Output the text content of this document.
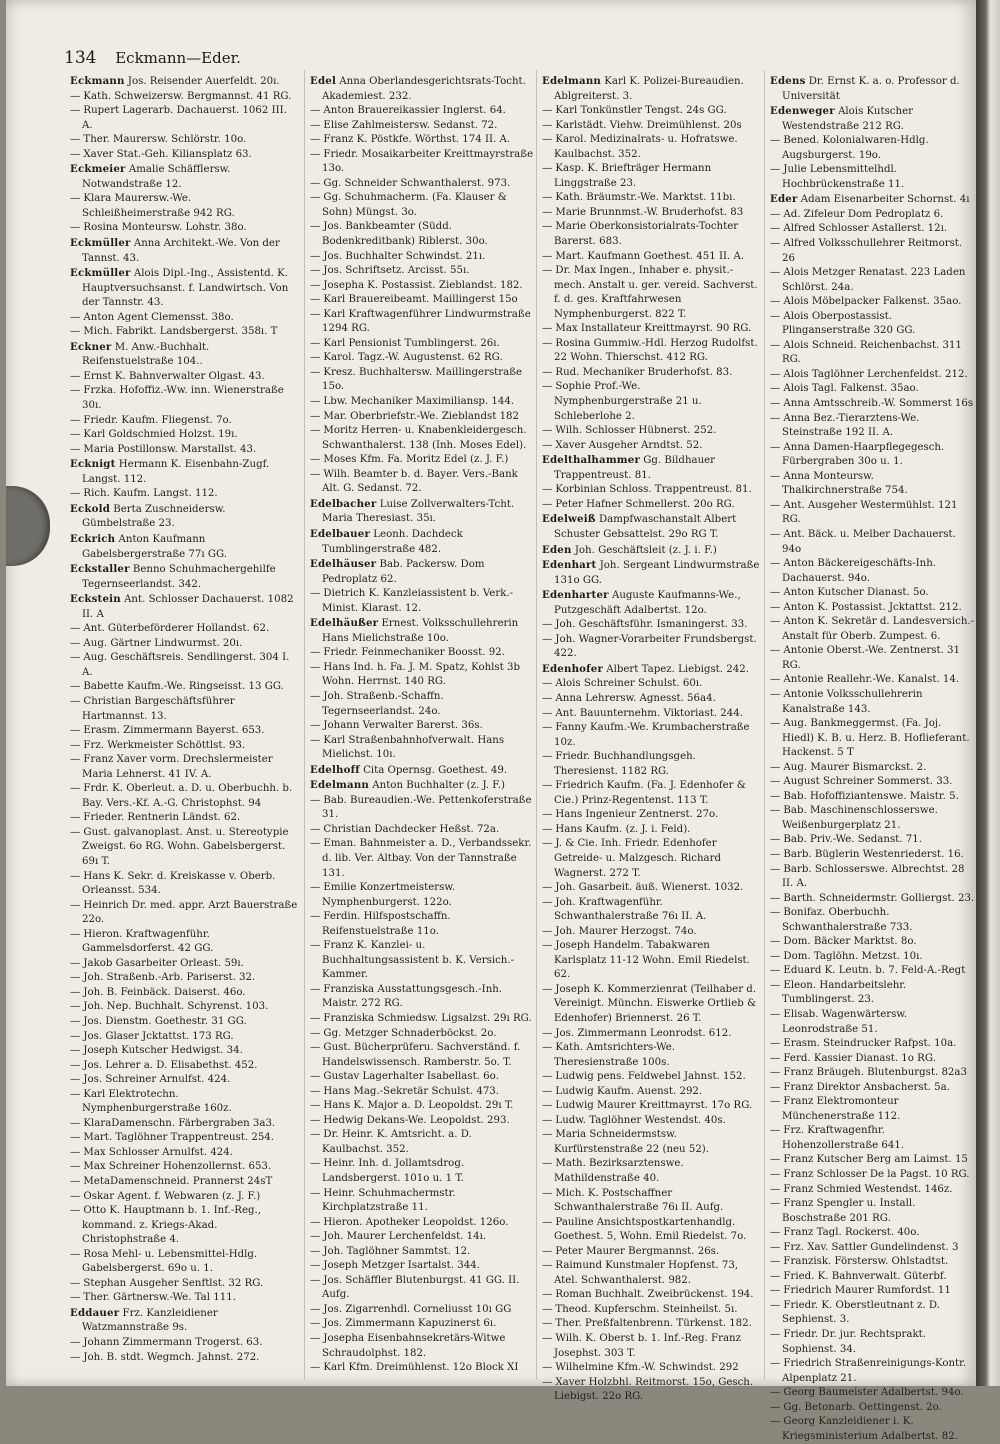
134 Eckmann—Eder.
Eckmann Jos. Reisender Auerfeldt. 20ı.
— Kath. Schweizersw. Bergmannst. 41 RG.
— Rupert Lagerarb. Dachauerst. 1062 III. A.
— Ther. Maurersw. Schlörstr. 10o.
— Xaver Stat.-Geh. Kiliansplatz 63.
Eckmeier Amalie Schäfflersw. Notwandstraße 12.
— Klara Maurersw.-We. Schleißheimerstraße 942 RG.
— Rosina Monteursw. Lohstr. 38o.
Eckmüller Anna Architekt.-We. Von der Tannst. 43.
Eckmüller Alois Dipl.-Ing., Assistentd. K. Hauptversuchsanst. f. Landwirtsch. Von der Tannstr. 43.
— Anton Agent Clemensst. 38o.
— Mich. Fabrikt. Landsbergerst. 358ı. T
Eckner M. Anw.-Buchhalt. Reifenstuelstraße 104..
— Ernst K. Bahnverwalter Olgast. 43.
— Frzka. Hofoffiz.-Ww. inn. Wienerstraße 30ı.
— Friedr. Kaufm. Fliegenst. 7o.
— Karl Goldschmied Holzst. 19ı.
— Maria Postillonsw. Marstallst. 43.
Ecknigt Hermann K. Eisenbahn-Zugf. Langst. 112.
— Rich. Kaufm. Langst. 112.
Eckold Berta Zuschneidersw. Gümbelstraße 23.
Eckrich Anton Kaufmann Gabelsbergerstraße 77ı GG.
Eckstaller Benno Schuhmachergehilfe Tegernseerlandst. 342.
Eckstein Ant. Schlosser Dachauerst. 1082 II. A
— Ant. Güterbeförderer Hollandst. 62.
— Aug. Gärtner Lindwurmst. 20ı.
— Aug. Geschäftsreis. Sendlingerst. 304 I. A.
— Babette Kaufm.-We. Ringseisst. 13 GG.
— Christian Bargeschäftsführer Hartmannst. 13.
— Erasm. Zimmermann Bayerst. 653.
— Frz. Werkmeister Schöttlst. 93.
— Franz Xaver vorm. Drechslermeister Maria Lehnerst. 41 IV. A.
— Frdr. K. Oberleut. a. D. u. Oberbuchh. b. Bay. Vers.-Kf. A.-G. Christophst. 94
— Frieder. Rentnerin Ländst. 62.
— Gust. galvanoplast. Anst. u. Stereotypie Zweigst. 6o RG. Wohn. Gabelsbergerst. 69ı T.
— Hans K. Sekr. d. Kreiskasse v. Oberb. Orleansst. 534.
— Heinrich Dr. med. appr. Arzt Bauerstraße 22o.
— Hieron. Kraftwagenführ. Gammelsdorferst. 42 GG.
— Jakob Gasarbeiter Orleast. 59ı.
— Joh. Straßenb.-Arb. Pariserst. 32.
— Joh. B. Feinbäck. Daiserst. 46o.
— Joh. Nep. Buchhalt. Schyrenst. 103.
— Jos. Dienstm. Goethestr. 31 GG.
— Jos. Glaser Jcktattst. 173 RG.
— Joseph Kutscher Hedwigst. 34.
— Jos. Lehrer a. D. Elisabethst. 452.
— Jos. Schreiner Arnulfst. 424.
— Karl Elektrotechn. Nymphenburgerstraße 160z.
— KlaraDamenschn. Färbergraben 3a3.
— Mart. Taglöhner Trappentreust. 254.
— Max Schlosser Arnulfst. 424.
— Max Schreiner Hohenzollernst. 653.
— MetaDamenschneid. Prannerst 24sT
— Oskar Agent. f. Webwaren (z. J. F.)
— Otto K. Hauptmann b. 1. Inf.-Reg., kommand. z. Kriegs-Akad. Christophstraße 4.
— Rosa Mehl- u. Lebensmittel-Hdlg. Gabelsbergerst. 69o u. 1.
— Stephan Ausgeher Senftlst. 32 RG.
— Ther. Gärtnersw.-We. Tal 111.
Eddauer Frz. Kanzleidiener Watzmannstraße 9s.
— Johann Zimmermann Trogerst. 63.
— Joh. B. stdt. Wegmch. Jahnst. 272.
Edel Anna Oberlandesgerichtsrats-Tocht. Akademiest. 232.
— Anton Brauereikassier Inglerst. 64.
— Elise Zahlmeistersw. Sedanst. 72.
— Franz K. Pöstkfe. Wörthst. 174 II. A.
— Friedr. Mosaikarbeiter Kreittmayrstraße 13o.
— Gg. Schneider Schwanthalerst. 973.
— Gg. Schuhmacherm. (Fa. Klauser & Sohn) Müngst. 3o.
— Jos. Bankbeamter (Südd. Bodenkreditbank) Riblerst. 30o.
— Jos. Buchhalter Schwindst. 21ı.
— Jos. Schriftsetz. Arcisst. 55ı.
— Josepha K. Postassist. Zieblandst. 182.
— Karl Brauereibeamt. Maillingerst 15o
— Karl Kraftwagenführer Lindwurmstraße 1294 RG.
— Karl Pensionist Tumblingerst. 26ı.
— Karol. Tagz.-W. Augustenst. 62 RG.
— Kresz. Buchhaltersw. Maillingerstraße 15o.
— Lbw. Mechaniker Maximiliansp. 144.
— Mar. Oberbriefstr.-We. Zieblandst 182
— Moritz Herren- u. Knabenkleidergesch. Schwanthalerst. 138 (Inh. Moses Edel).
— Moses Kfm. Fa. Moritz Edel (z. J. F.)
— Wilh. Beamter b. d. Bayer. Vers.-Bank Alt. G. Sedanst. 72.
Edelbacher Luise Zollverwalters-Tcht. Maria Theresiast. 35ı.
Edelbauer Leonh. Dachdeck Tumblingerstraße 482.
Edelhäuser Bab. Packersw. Dom Pedroplatz 62.
— Dietrich K. Kanzleiassistent b. Verk.-Minist. Klarast. 12.
Edelhäußer Ernest. Volksschullehrerin Hans Mielichstraße 10o.
— Friedr. Feinmechaniker Boosst. 92.
— Hans Ind. h. Fa. J. M. Spatz, Kohlst 3b Wohn. Herrnst. 140 RG.
— Joh. Straßenb.-Schaffn. Tegernseerlandst. 24o.
— Johann Verwalter Barerst. 36s.
— Karl Straßenbahnhofverwalt. Hans Mielichst. 10ı.
Edelhoff Cita Opernsg. Goethest. 49.
Edelmann Anton Buchhalter (z. J. F.)
— Bab. Bureaudien.-We. Pettenkoferstraße 31.
— Christian Dachdecker Heßst. 72a.
— Eman. Bahnmeister a. D., Verbandssekr. d. lib. Ver. Altbay. Von der Tannstraße 131.
— Emilie Konzertmeistersw. Nymphenburgerst. 122o.
— Ferdin. Hilfspostschaffn. Reifenstuelstraße 11o.
— Franz K. Kanzlei- u. Buchhaltungsassistent b. K. Versich.-Kammer.
— Franziska Ausstattungsgesch.-Inh. Maistr. 272 RG.
— Franziska Schmiedsw. Ligsalzst. 29ı RG.
— Gg. Metzger Schnaderböckst. 2o.
— Gust. Bücherprüferu. Sachverständ. f. Handelswissensch. Ramberstr. 5o. T.
— Gustav Lagerhalter Isabellast. 6o.
— Hans Mag.-Sekretär Schulst. 473.
— Hans K. Major a. D. Leopoldst. 29ı T.
— Hedwig Dekans-We. Leopoldst. 293.
— Dr. Heinr. K. Amtsricht. a. D. Kaulbachst. 352.
— Heinr. Inh. d. Jollamtsdrog. Landsbergerst. 101o u. 1 T.
— Heinr. Schuhmachermstr. Kirchplatzstraße 11.
— Hieron. Apotheker Leopoldst. 126o.
— Joh. Maurer Lerchenfeldst. 14ı.
— Joh. Taglöhner Sammtst. 12.
— Joseph Metzger Isartalst. 344.
— Jos. Schäffler Blutenburgst. 41 GG. II. Aufg.
— Jos. Zigarrenhdl. Corneliusst 10ı GG
— Jos. Zimmermann Kapuzinerst 6ı.
— Josepha Eisenbahnsekretärs-Witwe Schraudolphst. 182.
— Karl Kfm. Dreimühlenst. 12o Block XI
Edelmann Karl K. Polizei-Bureaudien. Ablgreiterst. 3.
— Karl Tonkünstler Tengst. 24s GG.
— Karlstädt. Viehw. Dreimühlenst. 20s
— Karol. Medizinalrats- u. Hofratswe. Kaulbachst. 352.
— Kasp. K. Briefträger Hermann Linggstraße 23.
— Kath. Bräumstr.-We. Marktst. 11bı.
— Marie Brunnmst.-W. Bruderhofst. 83
— Marie Oberkonsistorialrats-Tochter Barerst. 683.
— Mart. Kaufmann Goethest. 451 II. A.
— Dr. Max Ingen., Inhaber e. physit.-mech. Anstalt u. ger. vereid. Sachverst. f. d. ges. Kraftfahrwesen Nymphenburgerst. 822 T.
— Max Installateur Kreittmayrst. 90 RG.
— Rosina Gummiw.-Hdl. Herzog Rudolfst. 22 Wohn. Thierschst. 412 RG.
— Rud. Mechaniker Bruderhofst. 83.
— Sophie Prof.-We. Nymphenburgerstraße 21 u. Schleberlohe 2.
— Wilh. Schlosser Hübnerst. 252.
— Xaver Ausgeher Arndtst. 52.
Edelthalhammer Gg. Bildhauer Trappentreust. 81.
— Korbinian Schloss. Trappentreust. 81.
— Peter Hafner Schmellerst. 20o RG.
Edelweiß Dampfwaschanstalt Albert Schuster Gebsattelst. 29o RG T.
Eden Joh. Geschäftsleit (z. J. i. F.)
Edenhart Joh. Sergeant Lindwurmstraße 131o GG.
Edenharter Auguste Kaufmanns-We., Putzgeschäft Adalbertst. 12o.
— Joh. Geschäftsführ. Ismaningerst. 33.
— Joh. Wagner-Vorarbeiter Frundsbergst. 422.
Edenhofer Albert Tapez. Liebigst. 242.
— Alois Schreiner Schulst. 60ı.
— Anna Lehrersw. Agnesst. 56a4.
— Ant. Bauunternehm. Viktoriast. 244.
— Fanny Kaufm.-We. Krumbacherstraße 10z.
— Friedr. Buchhandlungsgeh. Theresienst. 1182 RG.
— Friedrich Kaufm. (Fa. J. Edenhofer & Cie.) Prinz-Regentenst. 113 T.
— Hans Ingenieur Zentnerst. 27o.
— Hans Kaufm. (z. J. i. Feld).
— J. & Cie. Inh. Friedr. Edenhofer Getreide- u. Malzgesch. Richard Wagnerst. 272 T.
— Joh. Gasarbeit. äuß. Wienerst. 1032.
— Joh. Kraftwagenführ. Schwanthalerstraße 76ı II. A.
— Joh. Maurer Herzogst. 74o.
— Joseph Handelm. Tabakwaren Karlsplatz 11-12 Wohn. Emil Riedelst. 62.
— Joseph K. Kommerzienrat (Teilhaber d. Vereinigt. Münchn. Eiswerke Ortlieb & Edenhofer) Briennerst. 26 T.
— Jos. Zimmermann Leonrodst. 612.
— Kath. Amtsrichters-We. Theresienstraße 100s.
— Ludwig pens. Feldwebel Jahnst. 152.
— Ludwig Kaufm. Auenst. 292.
— Ludwig Maurer Kreittmayrst. 17o RG.
— Ludw. Taglöhner Westendst. 40s.
— Maria Schneidermstsw. Kurfürstenstraße 22 (neu 52).
— Math. Bezirksarztenswe. Mathildenstraße 40.
— Mich. K. Postschaffner Schwanthalerstraße 76ı II. Aufg.
— Pauline Ansichtspostkartenhandlg. Goethest. 5, Wohn. Emil Riedelst. 7o.
— Peter Maurer Bergmannst. 26s.
— Raimund Kunstmaler Hopfenst. 73, Atel. Schwanthalerst. 982.
— Roman Buchhalt. Zweibrückenst. 194.
— Theod. Kupferschm. Steinheilst. 5ı.
— Ther. Preßfaltenbrenn. Türkenst. 182.
— Wilh. K. Oberst b. 1. Inf.-Reg. Franz Josephst. 303 T.
— Wilhelmine Kfm.-W. Schwindst. 292
— Xaver Holzbhl. Reitmorst. 15o, Gesch. Liebigst. 22o RG.
Edens Dr. Ernst K. a. o. Professor d. Universität
Edenweger Alois Kutscher Westendstraße 212 RG.
— Bened. Kolonialwaren-Hdlg. Augsburgerst. 19o.
— Julie Lebensmittelhdl. Hochbrückenstraße 11.
Eder Adam Eisenarbeiter Schornst. 4ı
— Ad. Zifeleur Dom Pedroplatz 6.
— Alfred Schlosser Astallerst. 12ı.
— Alfred Volksschullehrer Reitmorst. 26
— Alois Metzger Renatast. 223 Laden Schlörst. 24a.
— Alois Möbelpacker Falkenst. 35ao.
— Alois Oberpostassist. Plinganserstraße 320 GG.
— Alois Schneid. Reichenbachst. 311 RG.
— Alois Taglöhner Lerchenfeldst. 212.
— Alois Tagl. Falkenst. 35ao.
— Anna Amtsschreib.-W. Sommerst 16s
— Anna Bez.-Tierarztens-We. Steinstraße 192 II. A.
— Anna Damen-Haarpflegegesch. Fürbergraben 30o u. 1.
— Anna Monteursw. Thalkirchnerstraße 754.
— Ant. Ausgeher Westermühlst. 121 RG.
— Ant. Bäck. u. Melber Dachauerst. 94o
— Anton Bäckereigeschäfts-Inh. Dachauerst. 94o.
— Anton Kutscher Dianast. 5o.
— Anton K. Postassist. Jcktattst. 212.
— Anton K. Sekretär d. Landesversich.-Anstalt für Oberb. Zumpest. 6.
— Antonie Oberst.-We. Zentnerst. 31 RG.
— Antonie Reallehr.-We. Kanalst. 14.
— Antonie Volksschullehrerin Kanalstraße 143.
— Aug. Bankmeggermst. (Fa. Joj. Hiedl) K. B. u. Herz. B. Hoflieferant. Hackenst. 5 T
— Aug. Maurer Bismarckst. 2.
— August Schreiner Sommerst. 33.
— Bab. Hofoffiziantenswe. Maistr. 5.
— Bab. Maschinenschlosserswe. Weißenburgerplatz 21.
— Bab. Priv.-We. Sedanst. 71.
— Barb. Büglerin Westenriederst. 16.
— Barb. Schlosserswe. Albrechtst. 28 II. A.
— Barth. Schneidermstr. Golliergst. 23.
— Bonifaz. Oberbuchh. Schwanthalerstraße 733.
— Dom. Bäcker Marktst. 8o.
— Dom. Taglöhn. Metzst. 10ı.
— Eduard K. Leutn. b. 7. Feld-A.-Regt
— Eleon. Handarbeitslehr. Tumblingerst. 23.
— Elisab. Wagenwärtersw. Leonrodstraße 51.
— Erasm. Steindrucker Rafpst. 10a.
— Ferd. Kassier Dianast. 1o RG.
— Franz Bräugeh. Blutenburgst. 82a3
— Franz Direktor Ansbacherst. 5a.
— Franz Elektromonteur Münchenerstraße 112.
— Frz. Kraftwagenfhr. Hohenzollerstraße 641.
— Franz Kutscher Berg am Laimst. 15
— Franz Schlosser De la Pagst. 10 RG.
— Franz Schmied Westendst. 146z.
— Franz Spengler u. Install. Boschstraße 201 RG.
— Franz Tagl. Rockerst. 40o.
— Frz. Xav. Sattler Gundelindenst. 3
— Franzisk. Förstersw. Ohlstadtst.
— Fried. K. Bahnverwalt. Güterbf.
— Friedrich Maurer Rumfordst. 11
— Friedr. K. Oberstleutnant z. D. Sephienst. 3.
— Friedr. Dr. jur. Rechtsprakt. Sophienst. 34.
— Friedrich Straßenreinigungs-Kontr. Alpenplatz 21.
— Georg Baumeister Adalbertst. 94o.
— Gg. Betonarb. Oettingenst. 2o.
— Georg Kanzleidiener i. K. Kriegsministerium Adalbertst. 82.
